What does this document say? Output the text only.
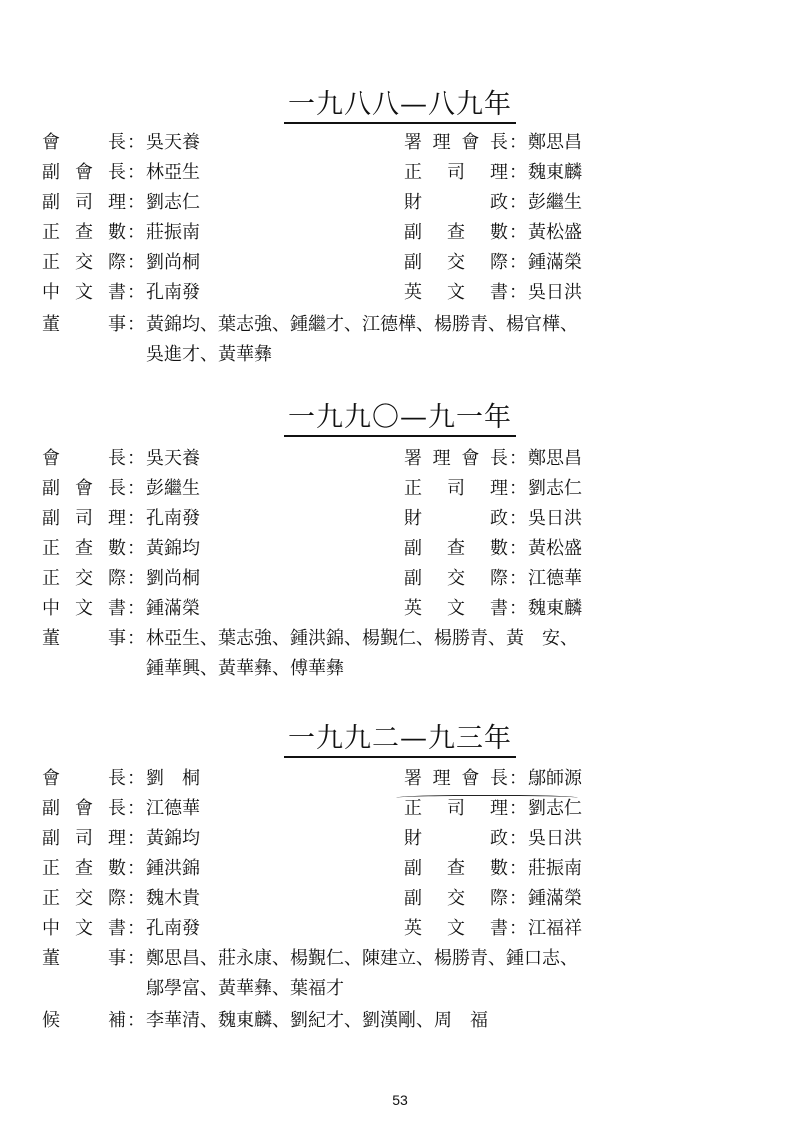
一九八八—八九年
會長：吳天養
副會長：林亞生
副司理：劉志仁
正查數：莊振南
正交際：劉尚桐
中文書：孔南發
署理會長：鄭思昌
正司理：魏東麟
財政：彭繼生
副查數：黃松盛
副交際：鍾滿榮
英文書：吳日洪
董事： 黃錦均、葉志強、鍾繼才、江德樺、楊勝青、楊官樺、
吳進才、黃華彝
一九九〇—九一年
會長：吳天養
副會長：彭繼生
副司理：孔南發
正查數：黃錦均
正交際：劉尚桐
中文書：鍾滿榮
署理會長：鄭思昌
正司理：劉志仁
財政：吳日洪
副查數：黃松盛
副交際：江德華
英文書：魏東麟
董事： 林亞生、葉志強、鍾洪錦、楊覲仁、楊勝青、黃　安、
鍾華興、黃華彝、傅華彝
一九九二—九三年
會長：劉　桐
副會長：江德華
副司理：黃錦均
正查數：鍾洪錦
正交際：魏木貴
中文書：孔南發
署理會長：鄔師源
正司理：劉志仁
財政：吳日洪
副查數：莊振南
副交際：鍾滿榮
英文書：江福祥
董事： 鄭思昌、莊永康、楊覲仁、陳建立、楊勝青、鍾口志、
鄔學富、黃華彝、葉福才
候補： 李華清、魏東麟、劉紀才、劉漢剛、周　福
53
